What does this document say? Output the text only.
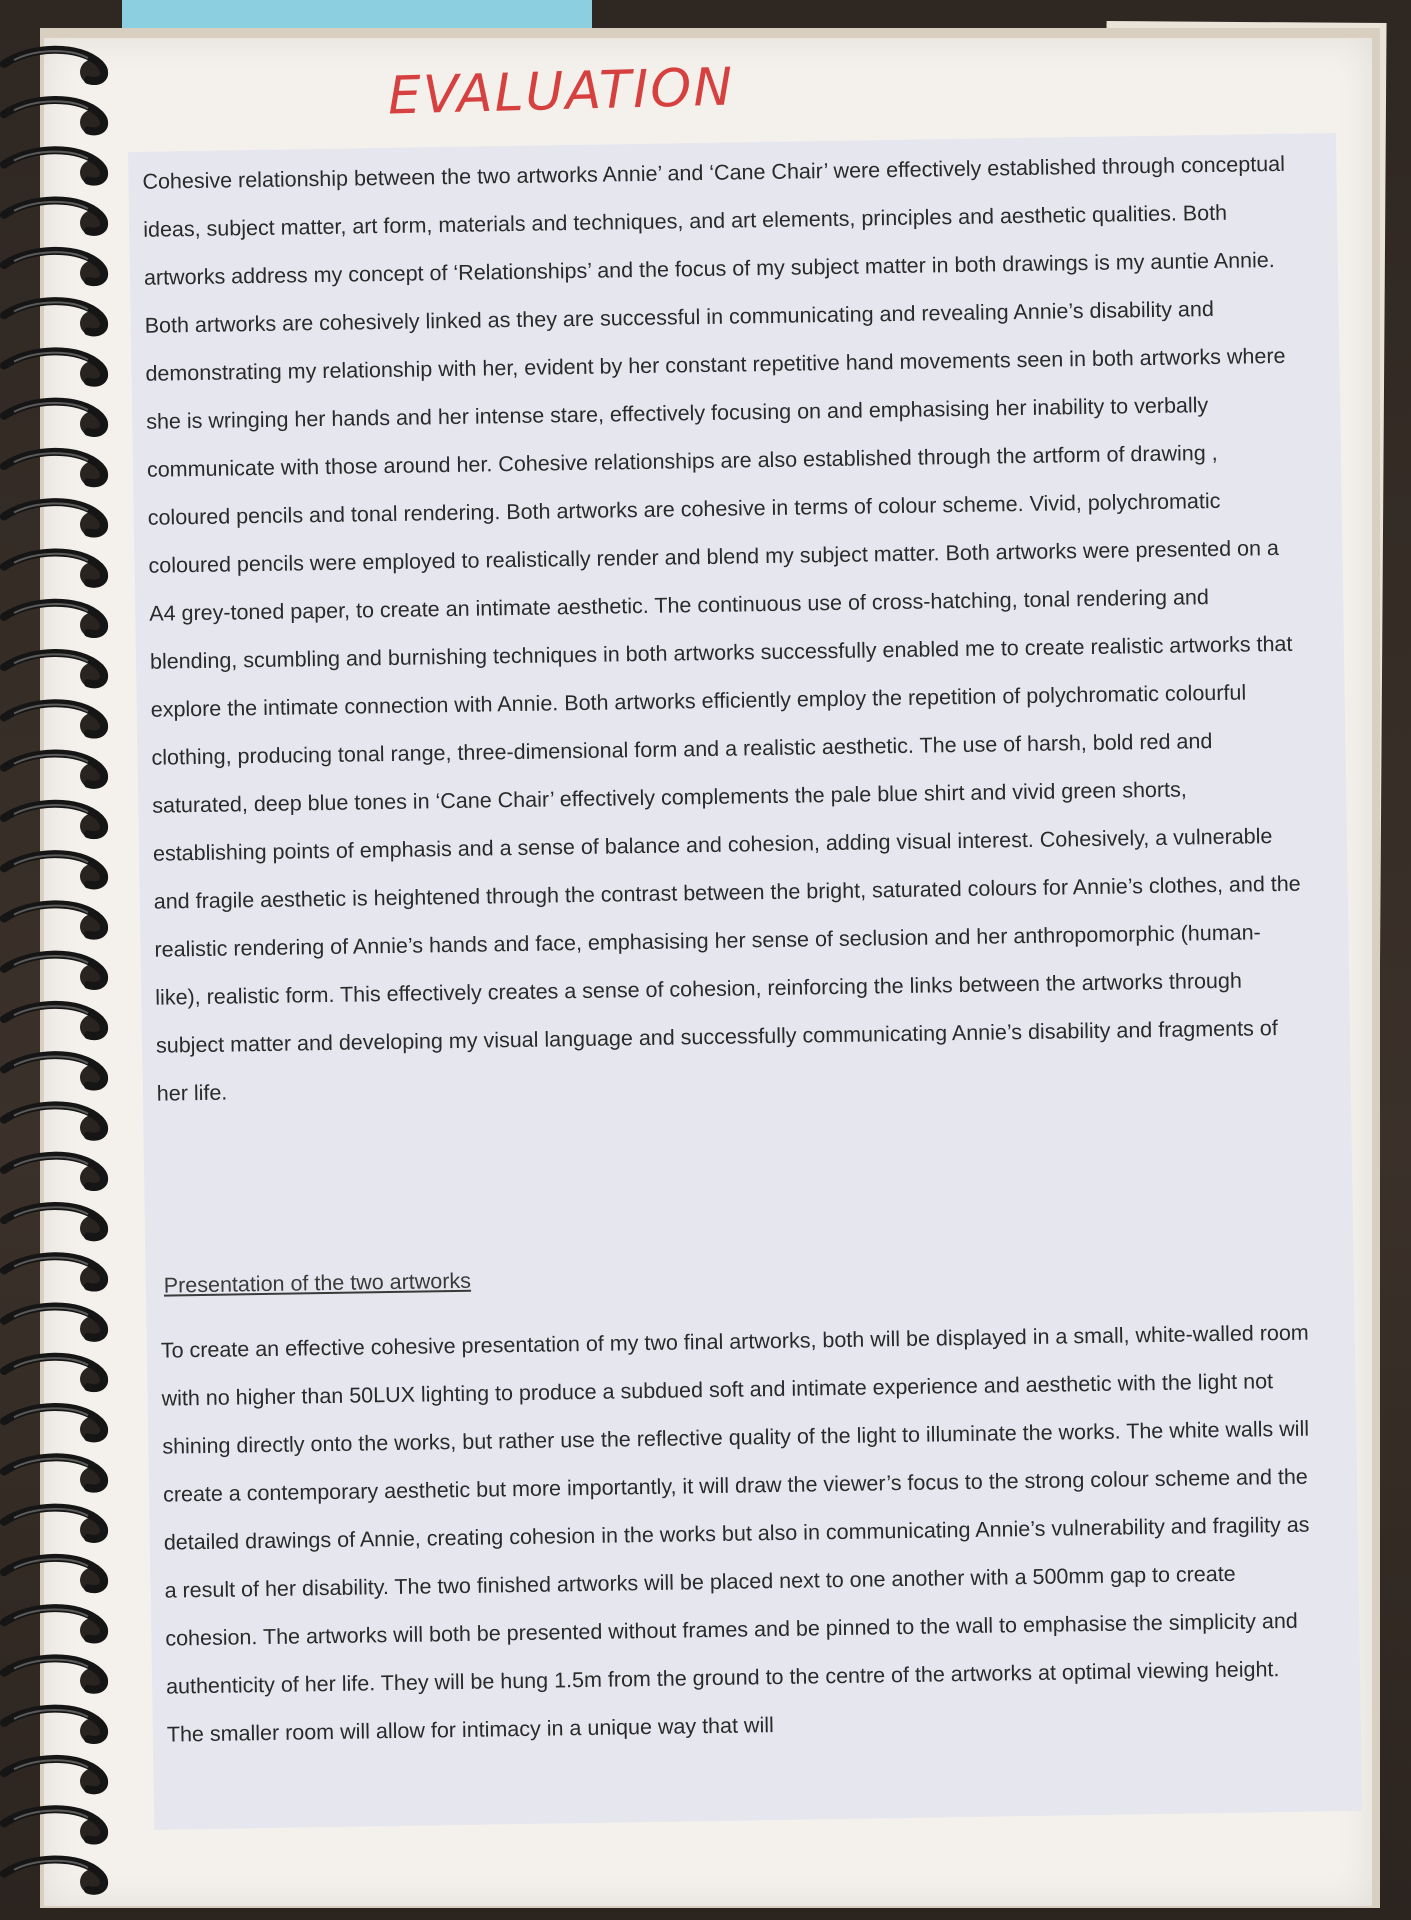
EVALUATION

Cohesive relationship between the two artworks Annie’ and ‘Cane Chair’ were effectively established through conceptual ideas, subject matter, art form, materials and techniques, and art elements, principles and aesthetic qualities. Both artworks address my concept of ‘Relationships’ and the focus of my subject matter in both drawings is my auntie Annie. Both artworks are cohesively linked as they are successful in communicating and revealing Annie’s disability and demonstrating my relationship with her, evident by her constant repetitive hand movements seen in both artworks where she is wringing her hands and her intense stare, effectively focusing on and emphasising her inability to verbally communicate with those around her. Cohesive relationships are also established through the artform of drawing , coloured pencils and tonal rendering. Both artworks are cohesive in terms of colour scheme. Vivid, polychromatic coloured pencils were employed to realistically render and blend my subject matter. Both artworks were presented on a A4 grey-toned paper, to create an intimate aesthetic. The continuous use of cross-hatching, tonal rendering and blending, scumbling and burnishing techniques in both artworks successfully enabled me to create realistic artworks that explore the intimate connection with Annie. Both artworks efficiently employ the repetition of polychromatic colourful clothing, producing tonal range, three-dimensional form and a realistic aesthetic. The use of harsh, bold red and saturated, deep blue tones in ‘Cane Chair’ effectively complements the pale blue shirt and vivid green shorts, establishing points of emphasis and a sense of balance and cohesion, adding visual interest. Cohesively, a vulnerable and fragile aesthetic is heightened through the contrast between the bright, saturated colours for Annie’s clothes, and the realistic rendering of Annie’s hands and face, emphasising her sense of seclusion and her anthropomorphic (human-like), realistic form. This effectively creates a sense of cohesion, reinforcing the links between the artworks through subject matter and developing my visual language and successfully communicating Annie’s disability and fragments of her life.

Presentation of the two artworks

To create an effective cohesive presentation of my two final artworks, both will be displayed in a small, white-walled room with no higher than 50LUX lighting to produce a subdued soft and intimate experience and aesthetic with the light not shining directly onto the works, but rather use the reflective quality of the light to illuminate the works. The white walls will create a contemporary aesthetic but more importantly, it will draw the viewer’s focus to the strong colour scheme and the detailed drawings of Annie, creating cohesion in the works but also in communicating Annie’s vulnerability and fragility as a result of her disability. The two finished artworks will be placed next to one another with a 500mm gap to create cohesion. The artworks will both be presented without frames and be pinned to the wall to emphasise the simplicity and authenticity of her life. They will be hung 1.5m from the ground to the centre of the artworks at optimal viewing height. The smaller room will allow for intimacy in a unique way that will
